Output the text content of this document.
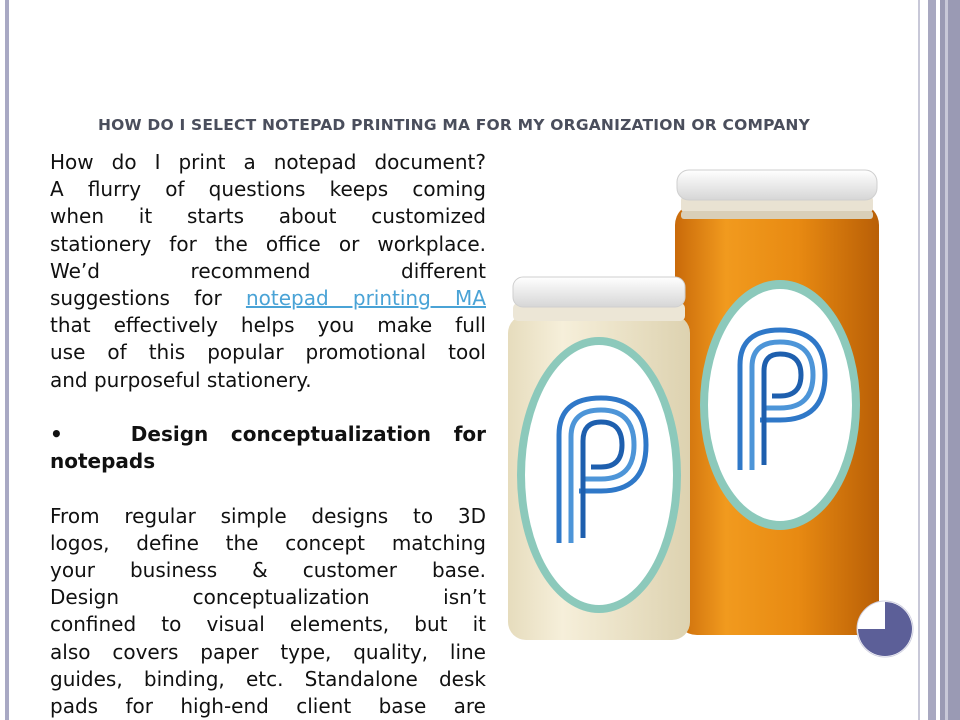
HOW DO I SELECT NOTEPAD PRINTING MA FOR MY ORGANIZATION OR COMPANY

How do I print a notepad document?

A flurry of questions keeps coming

when it starts about customized

stationery for the office or workplace.

We’d recommend different

suggestions for notepad printing MA

that effectively helps you make full

use of this popular promotional tool

and purposeful stationery.

•	Design conceptualization for

notepads

From regular simple designs to 3D

logos, define the concept matching

your business & customer base.

Design conceptualization isn’t

confined to visual elements, but it

also covers paper type, quality, line

guides, binding, etc. Standalone desk

pads for high-end client base are
